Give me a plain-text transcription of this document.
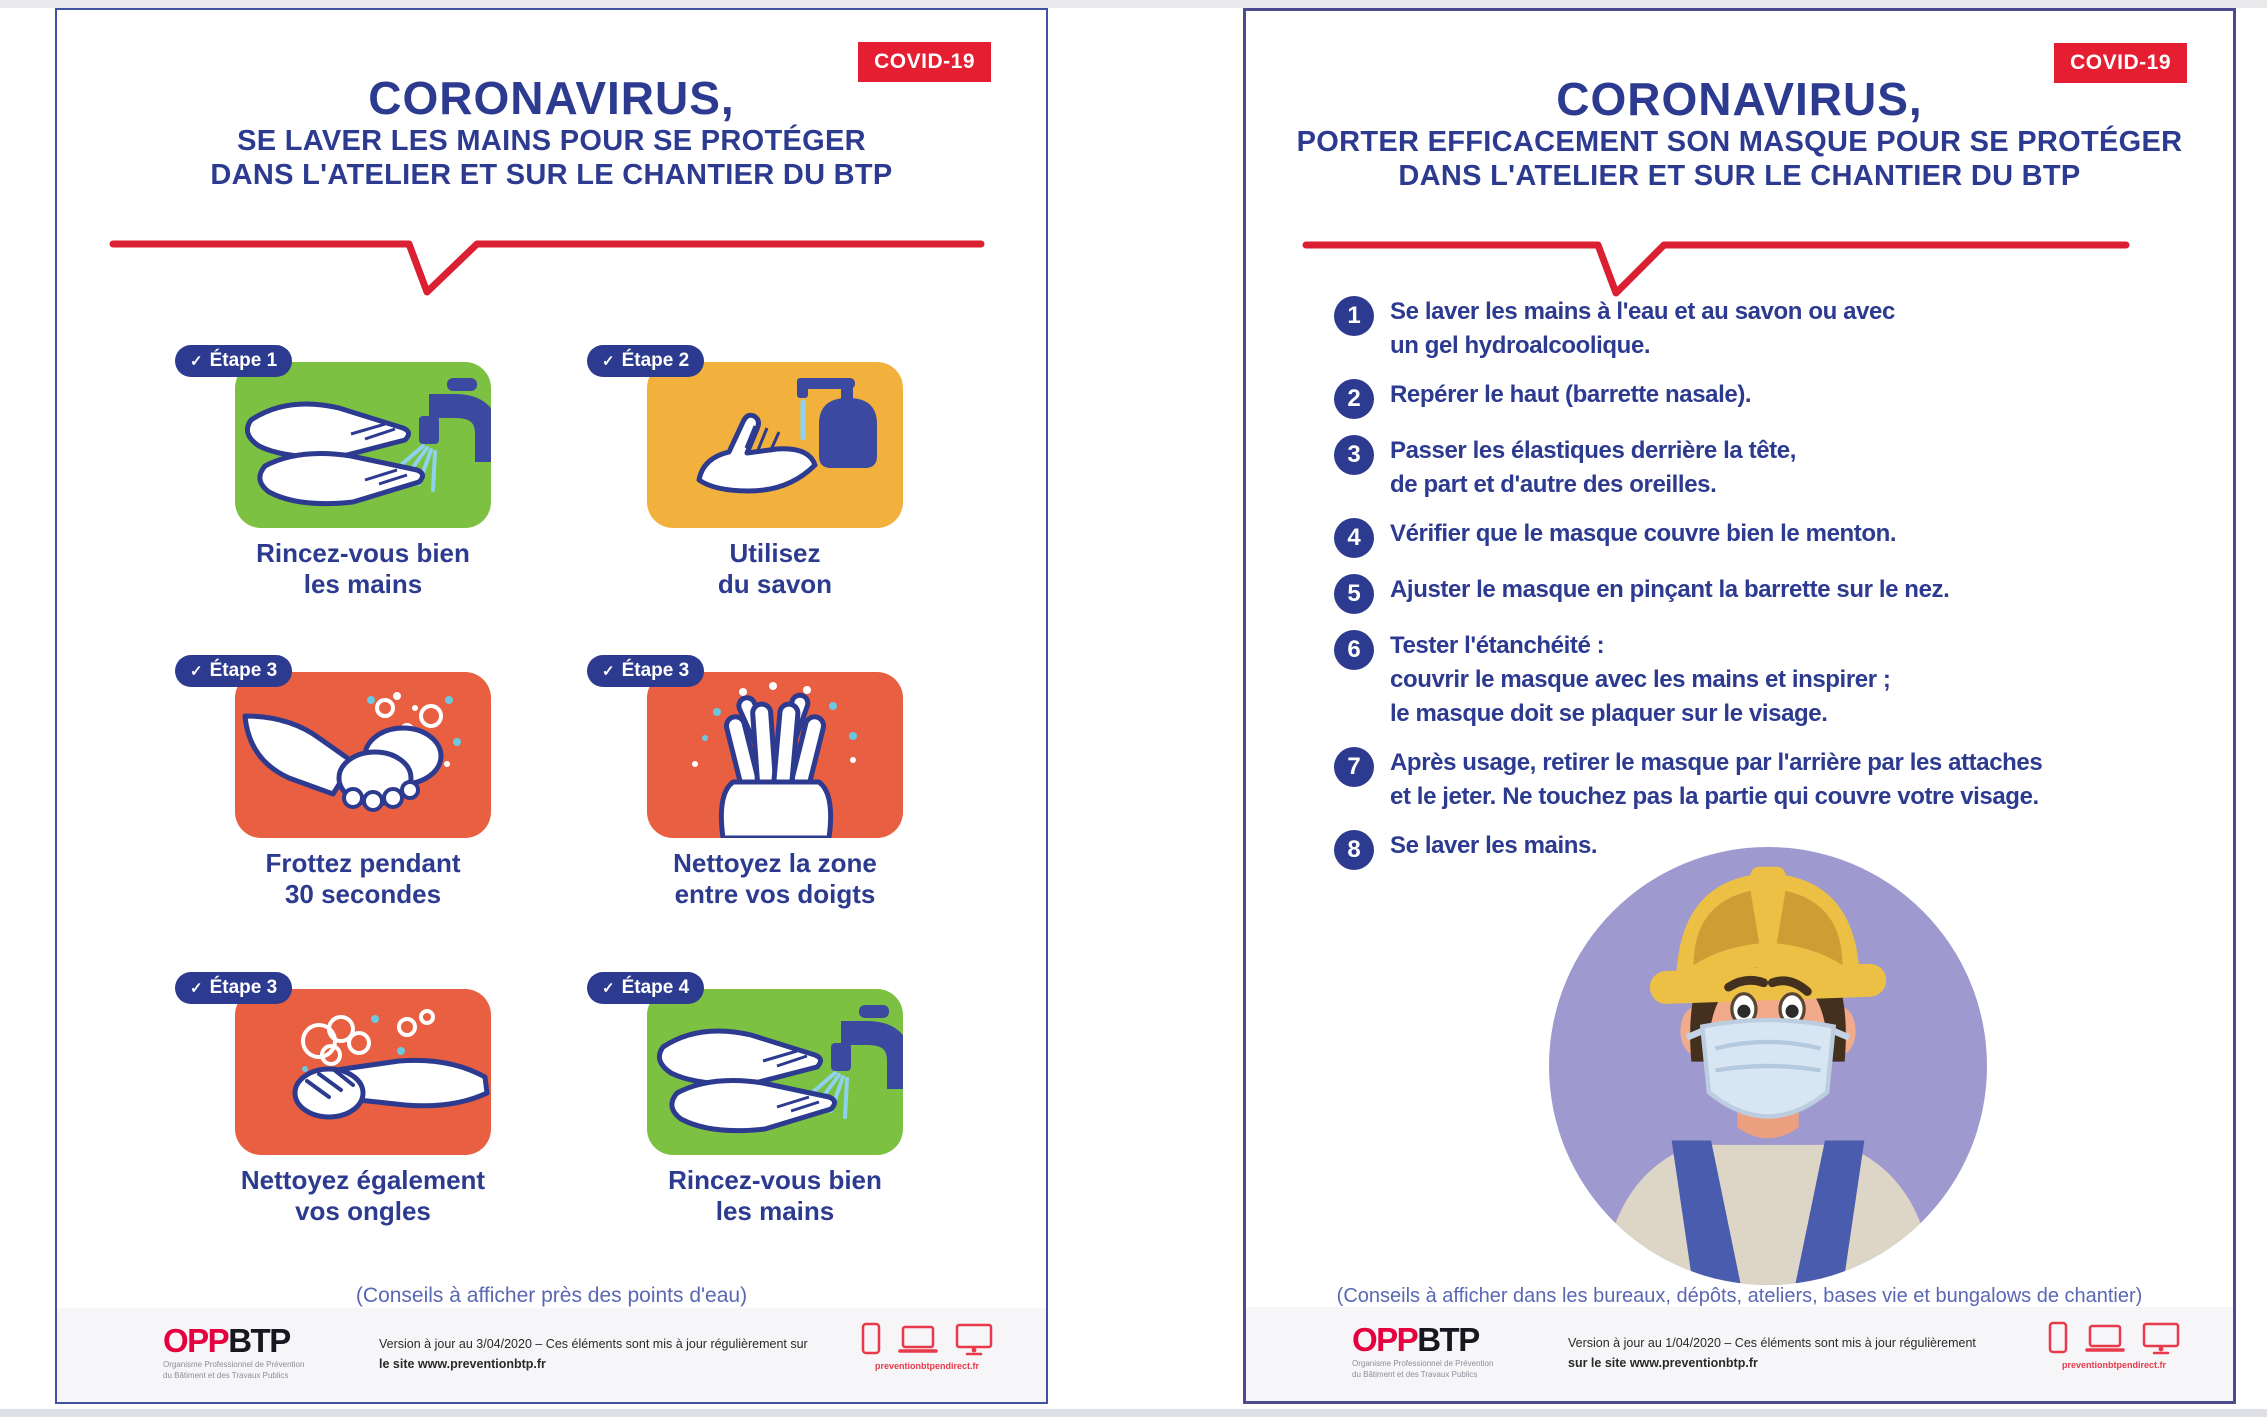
COVID-19
CORONAVIRUS,
SE LAVER LES MAINS POUR SE PROTÉGER
DANS L'ATELIER ET SUR LE CHANTIER DU BTP
✓ Étape 1
Rincez-vous bien
les mains
✓ Étape 2
Utilisez
du savon
✓ Étape 3
Frottez pendant
30 secondes
✓ Étape 3
Nettoyez la zone
entre vos doigts
✓ Étape 3
Nettoyez également
vos ongles
✓ Étape 4
Rincez-vous bien
les mains
(Conseils à afficher près des points d'eau)
OPPBTP
Organisme Professionnel de Prévention
du Bâtiment et des Travaux Publics
Version à jour au 3/04/2020 – Ces éléments sont mis à jour régulièrement sur
le site www.preventionbtp.fr	preventionbtpendirect.fr
COVID-19
CORONAVIRUS,
PORTER EFFICACEMENT SON MASQUE POUR SE PROTÉGER
DANS L'ATELIER ET SUR LE CHANTIER DU BTP
1	Se laver les mains à l'eau et au savon ou avec
un gel hydroalcoolique.
2	Repérer le haut (barrette nasale).
3	Passer les élastiques derrière la tête,
de part et d'autre des oreilles.
4	Vérifier que le masque couvre bien le menton.
5	Ajuster le masque en pinçant la barrette sur le nez.
6	Tester l'étanchéité :
couvrir le masque avec les mains et inspirer ;
le masque doit se plaquer sur le visage.
7	Après usage, retirer le masque par l'arrière par les attaches
et le jeter. Ne touchez pas la partie qui couvre votre visage.
8	Se laver les mains.
(Conseils à afficher dans les bureaux, dépôts, ateliers, bases vie et bungalows de chantier)
OPPBTP
Organisme Professionnel de Prévention
du Bâtiment et des Travaux Publics
Version à jour au 1/04/2020 – Ces éléments sont mis à jour régulièrement
sur le site www.preventionbtp.fr	preventionbtpendirect.fr
